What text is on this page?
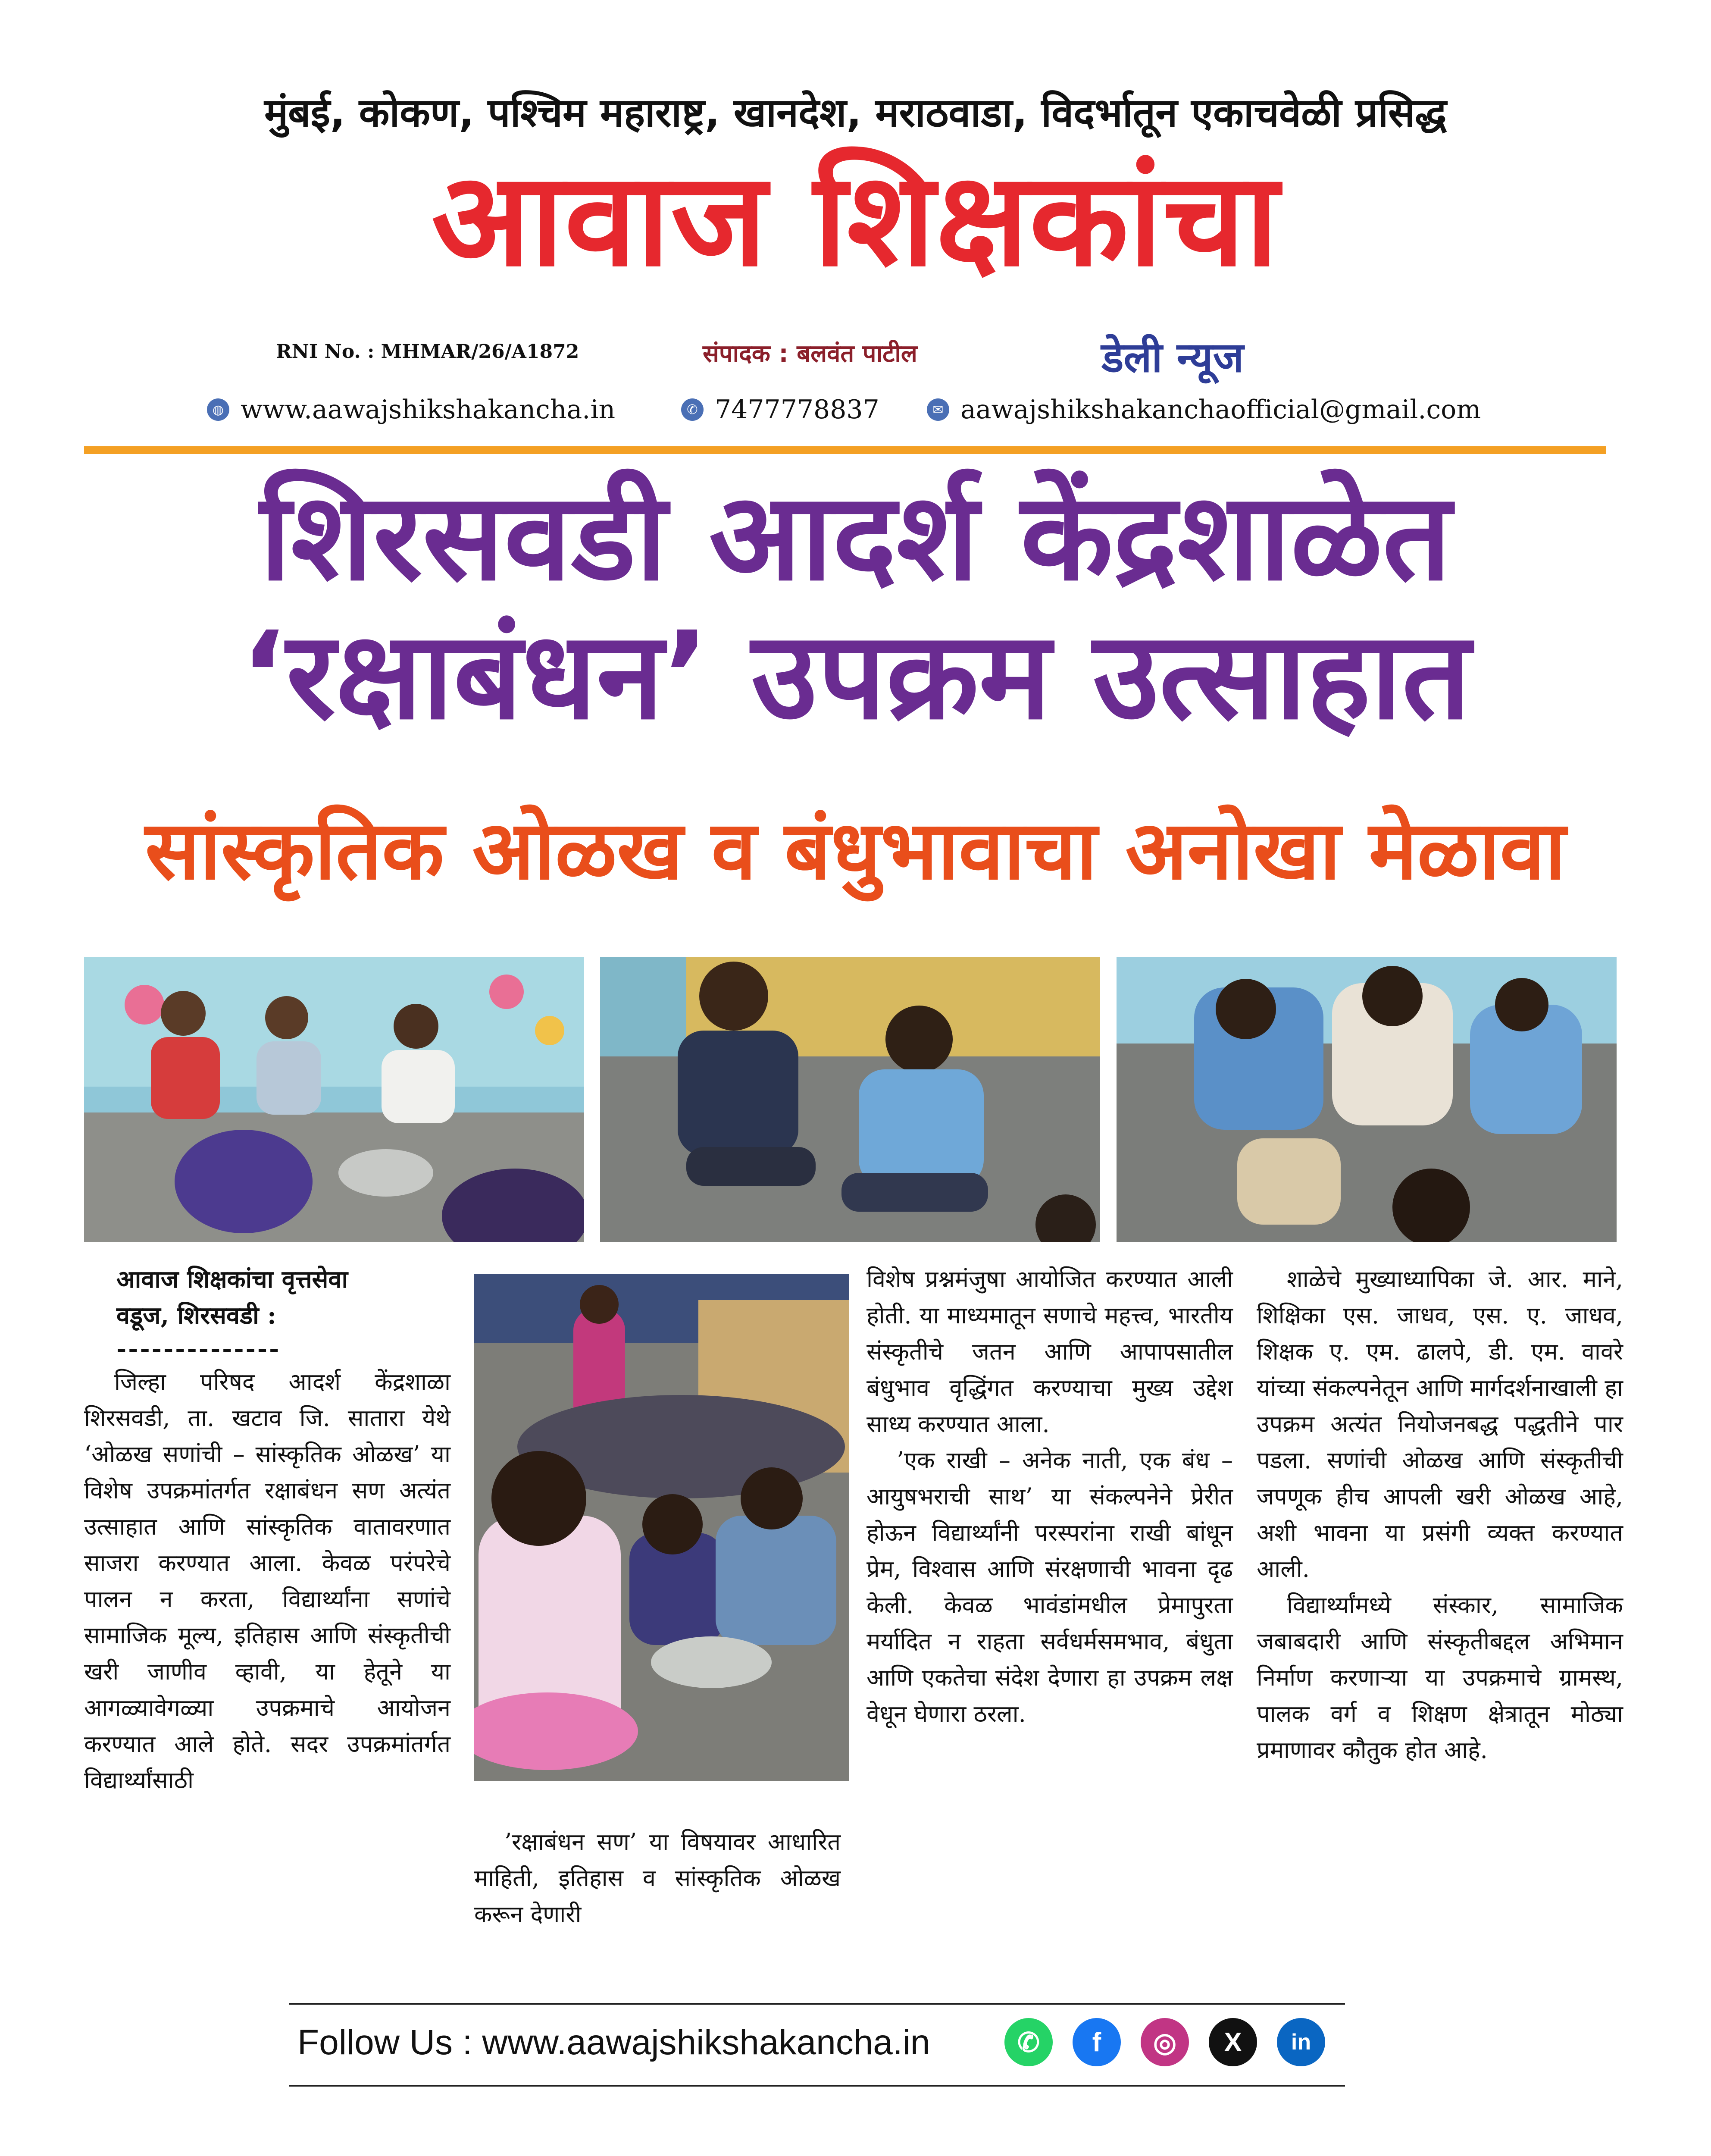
मुंबई, कोकण, पश्चिम महाराष्ट्र, खानदेश, मराठवाडा, विदर्भातून एकाचवेळी प्रसिद्ध
आवाज शिक्षकांचा
RNI No. : MHMAR/26/A1872	संपादक : बलवंत पाटील	डेली न्यूज
◍ www.aawajshikshakancha.in	✆ 7477778837	✉ aawajshikshakanchaofficial@gmail.com
शिरसवडी आदर्श केंद्रशाळेत
‘रक्षाबंधन’ उपक्रम उत्साहात
सांस्कृतिक ओळख व बंधुभावाचा अनोखा मेळावा
आवाज शिक्षकांचा वृत्तसेवा
वडूज, शिरसवडी :
--------------

जिल्हा परिषद आदर्श केंद्रशाळा शिरसवडी, ता. खटाव जि. सातारा येथे ‘ओळख सणांची – सांस्कृतिक ओळख’ या विशेष उपक्रमांतर्गत रक्षाबंधन सण अत्यंत उत्साहात आणि सांस्कृतिक वातावरणात साजरा करण्यात आला. केवळ परंपरेचे पालन न करता, विद्यार्थ्यांना सणांचे सामाजिक मूल्य, इतिहास आणि संस्कृतीची खरी जाणीव व्हावी, या हेतूने या आगळ्यावेगळ्या उपक्रमाचे आयोजन करण्यात आले होते. सदर उपक्रमांतर्गत विद्यार्थ्यांसाठी

’रक्षाबंधन सण’ या विषयावर आधारित माहिती, इतिहास व सांस्कृतिक ओळख करून देणारी

विशेष प्रश्नमंजुषा आयोजित करण्यात आली होती. या माध्यमातून सणाचे महत्त्व, भारतीय संस्कृतीचे जतन आणि आपापसातील बंधुभाव वृद्धिंगत करण्याचा मुख्य उद्देश साध्य करण्यात आला.

’एक राखी – अनेक नाती, एक बंध – आयुषभराची साथ’ या संकल्पनेने प्रेरीत होऊन विद्यार्थ्यांनी परस्परांना राखी बांधून प्रेम, विश्वास आणि संरक्षणाची भावना दृढ केली. केवळ भावंडांमधील प्रेमापुरता मर्यादित न राहता सर्वधर्मसमभाव, बंधुता आणि एकतेचा संदेश देणारा हा उपक्रम लक्ष वेधून घेणारा ठरला.

शाळेचे मुख्याध्यापिका जे. आर. माने, शिक्षिका एस. जाधव, एस. ए. जाधव, शिक्षक ए. एम. ढालपे, डी. एम. वावरे यांच्या संकल्पनेतून आणि मार्गदर्शनाखाली हा उपक्रम अत्यंत नियोजनबद्ध पद्धतीने पार पडला. सणांची ओळख आणि संस्कृतीची जपणूक हीच आपली खरी ओळख आहे, अशी भावना या प्रसंगी व्यक्त करण्यात आली.

विद्यार्थ्यांमध्ये संस्कार, सामाजिक जबाबदारी आणि संस्कृतीबद्दल अभिमान निर्माण करणाऱ्या या उपक्रमाचे ग्रामस्थ, पालक वर्ग व शिक्षण क्षेत्रातून मोठ्या प्रमाणावर कौतुक होत आहे.

Follow Us : www.aawajshikshakancha.in	✆	f	◎	X	in
